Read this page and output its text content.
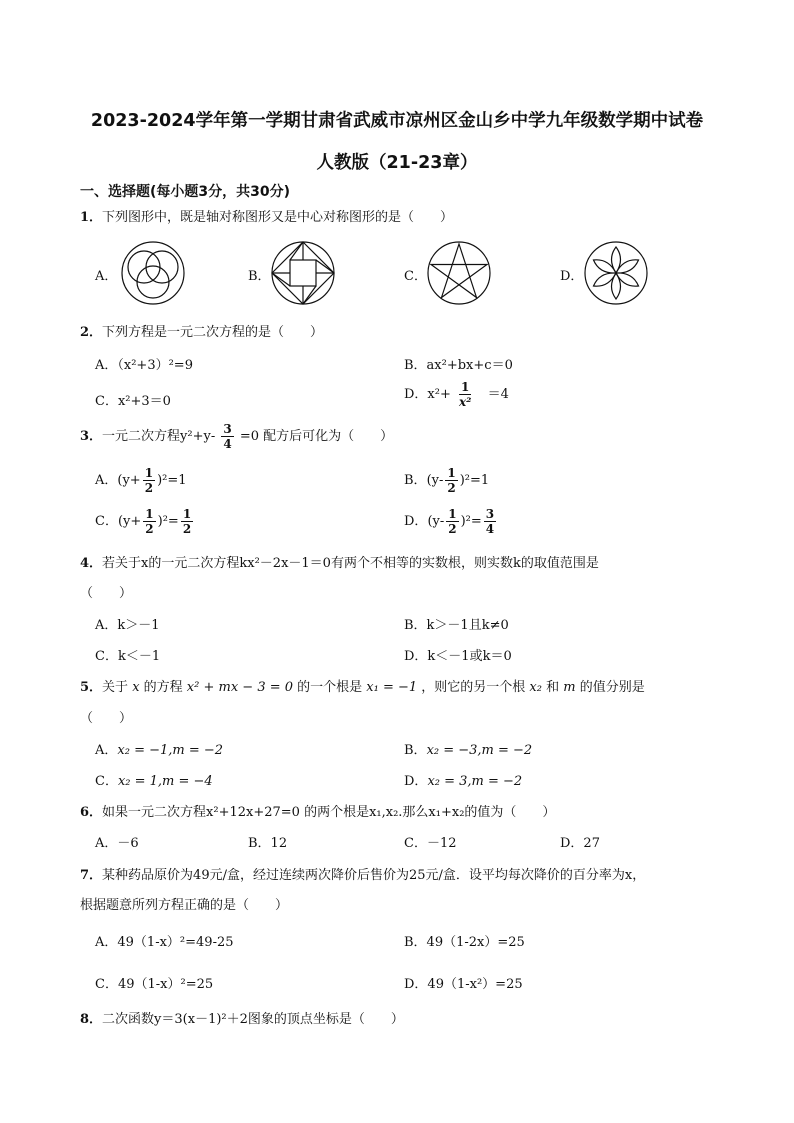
2023-2024学年第一学期甘肃省武威市凉州区金山乡中学九年级数学期中试卷
人教版（21-23章）
一、选择题(每小题3分，共30分)
1．下列图形中，既是轴对称图形又是中心对称图形的是（　　）
A．	B．	C．	D．
2．下列方程是一元二次方程的是（　　）
A．（x²+3）²=9	B．ax²+bx+c＝0
C．x²+3＝0	D．$x^2+ \frac{1}{\text{x²}} =4$
3．一元二次方程$y^2+y- \frac{3}{4} =0$ 配方后可化为（　　）
A．$(y+ \frac{1}{2} )^2=1$	B．$(y- \frac{1}{2} )^2=1$
C．$(y+ \frac{1}{2} )^2= \frac{1}{2}$	D．$(y- \frac{1}{2} )^2= \frac{3}{4}$
4．若关于x的一元二次方程kx²－2x－1＝0有两个不相等的实数根，则实数k的取值范围是
（　　）
A．k＞－1	B．k＞－1且k≠0
C．k＜－1	D．k＜－1或k＝0
5．关于 x 的方程 x² + mx − 3 = 0 的一个根是 x₁ = −1 ，则它的另一个根 x₂ 和 m 的值分别是
（　　）
A．x₂ = −1,m = −2	B．x₂ = −3,m = −2
C．x₂ = 1,m = −4	D．x₂ = 3,m = −2
6．如果一元二次方程x²+12x+27=0 的两个根是x₁,x₂.那么x₁+x₂的值为（　　）
A．－6	B．12	C．－12	D．27
7．某种药品原价为49元/盒，经过连续两次降价后售价为25元/盒．设平均每次降价的百分率为x，
根据题意所列方程正确的是（　　）
A．49（1-x）²=49-25	B．49（1-2x）=25
C．49（1-x）²=25	D．49（1-x²）=25
8．二次函数y＝3(x－1)²＋2图象的顶点坐标是（　　）
